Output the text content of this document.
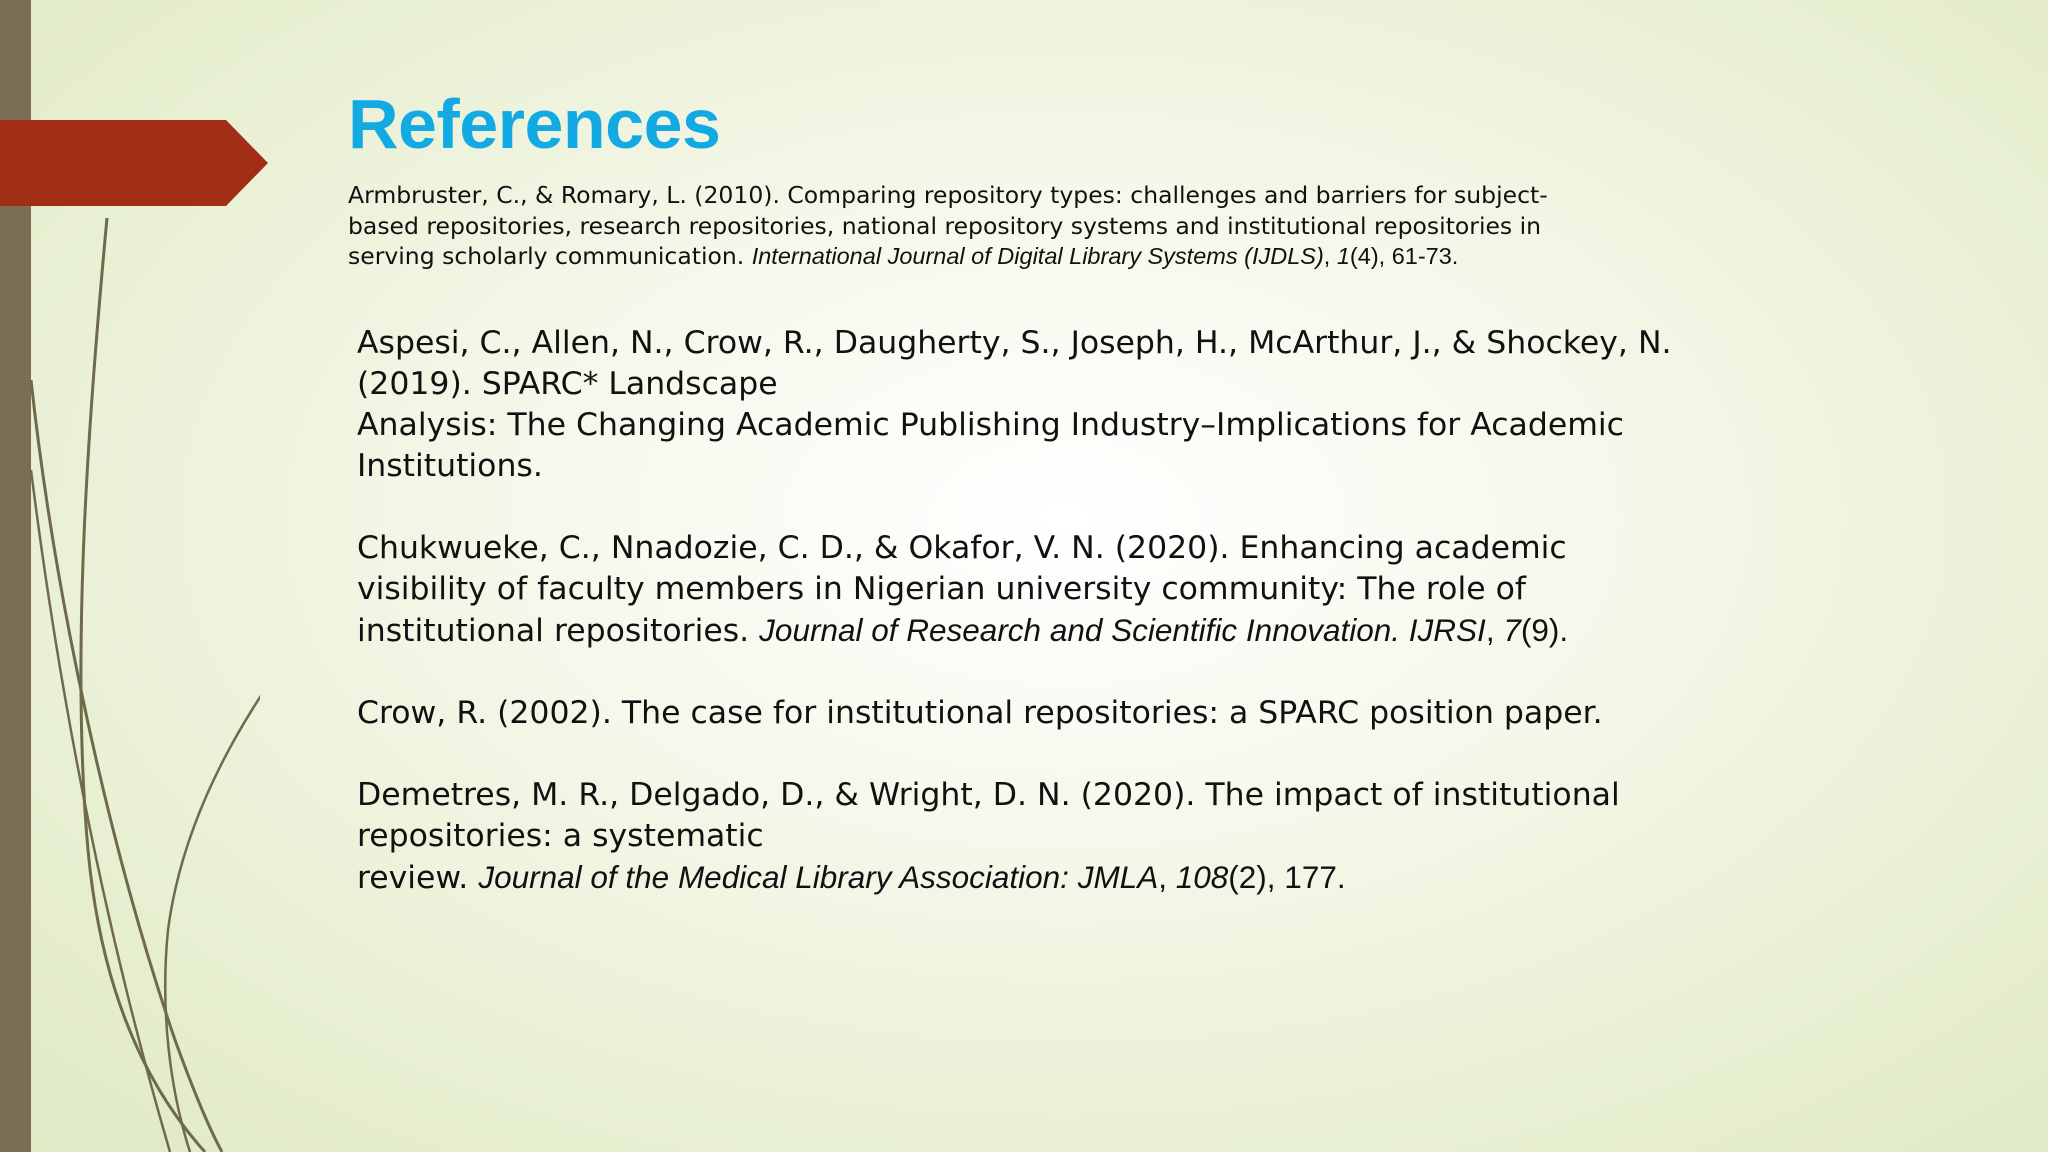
References

Armbruster, C., & Romary, L. (2010). Comparing repository types: challenges and barriers for subject-
based repositories, research repositories, national repository systems and institutional repositories in
serving scholarly communication. International Journal of Digital Library Systems (IJDLS), 1(4), 61-73.

Aspesi, C., Allen, N., Crow, R., Daugherty, S., Joseph, H., McArthur, J., & Shockey, N.
(2019). SPARC* Landscape
Analysis: The Changing Academic Publishing Industry–Implications for Academic
Institutions.

Chukwueke, C., Nnadozie, C. D., & Okafor, V. N. (2020). Enhancing academic
visibility of faculty members in Nigerian university community: The role of
institutional repositories. Journal of Research and Scientific Innovation. IJRSI, 7(9).

Crow, R. (2002). The case for institutional repositories: a SPARC position paper.

Demetres, M. R., Delgado, D., & Wright, D. N. (2020). The impact of institutional
repositories: a systematic
review. Journal of the Medical Library Association: JMLA, 108(2), 177.
